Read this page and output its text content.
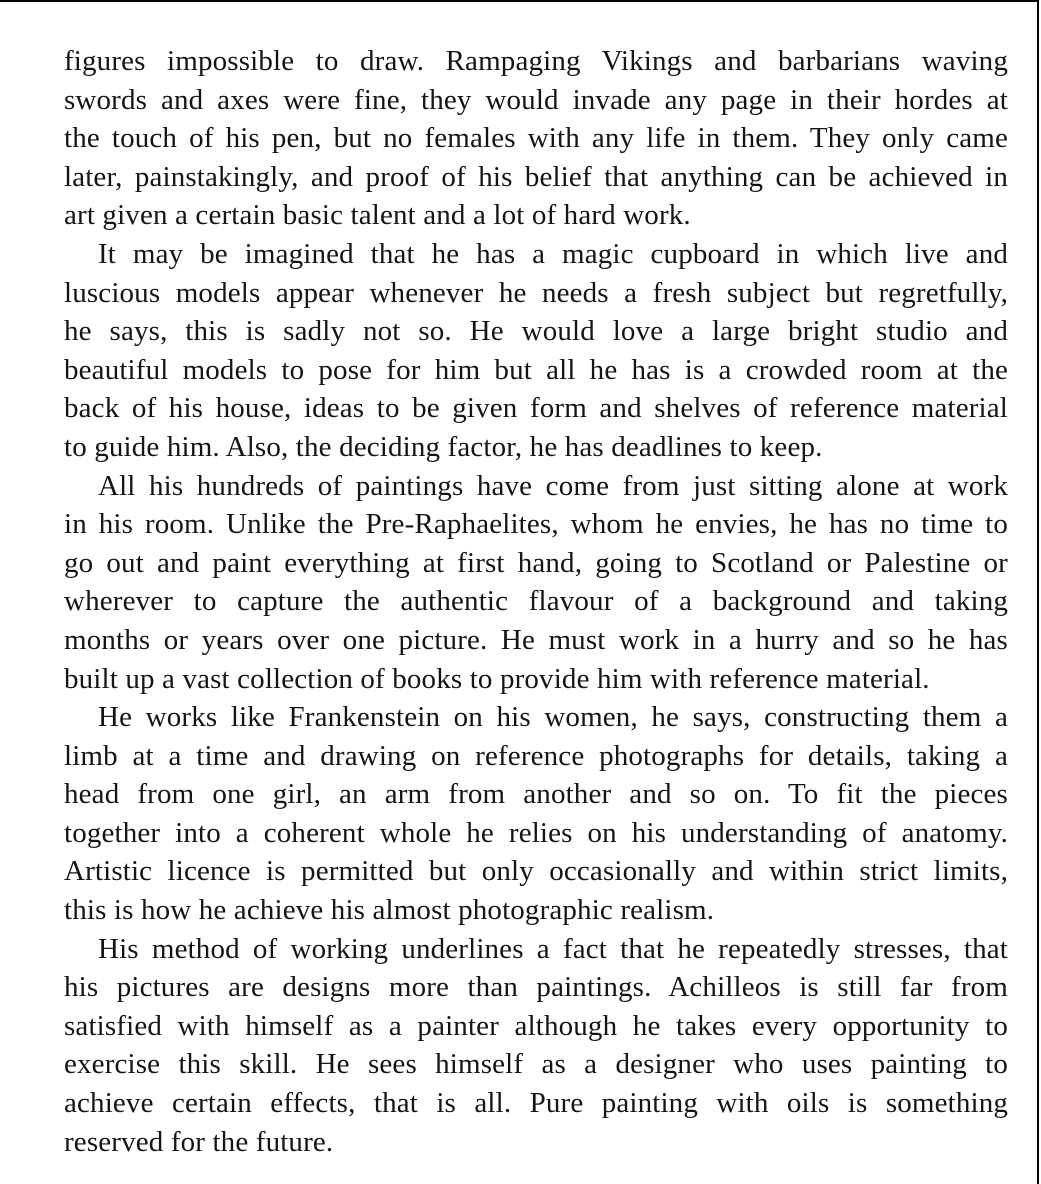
figures impossible to draw. Rampaging Vikings and barbarians waving
swords and axes were fine, they would invade any page in their hordes at
the touch of his pen, but no females with any life in them. They only came
later, painstakingly, and proof of his belief that anything can be achieved in
art given a certain basic talent and a lot of hard work.
It may be imagined that he has a magic cupboard in which live and
luscious models appear whenever he needs a fresh subject but regretfully,
he says, this is sadly not so. He would love a large bright studio and
beautiful models to pose for him but all he has is a crowded room at the
back of his house, ideas to be given form and shelves of reference material
to guide him. Also, the deciding factor, he has deadlines to keep.
All his hundreds of paintings have come from just sitting alone at work
in his room. Unlike the Pre-Raphaelites, whom he envies, he has no time to
go out and paint everything at first hand, going to Scotland or Palestine or
wherever to capture the authentic flavour of a background and taking
months or years over one picture. He must work in a hurry and so he has
built up a vast collection of books to provide him with reference material.
He works like Frankenstein on his women, he says, constructing them a
limb at a time and drawing on reference photographs for details, taking a
head from one girl, an arm from another and so on. To fit the pieces
together into a coherent whole he relies on his understanding of anatomy.
Artistic licence is permitted but only occasionally and within strict limits,
this is how he achieve his almost photographic realism.
His method of working underlines a fact that he repeatedly stresses, that
his pictures are designs more than paintings. Achilleos is still far from
satisfied with himself as a painter although he takes every opportunity to
exercise this skill. He sees himself as a designer who uses painting to
achieve certain effects, that is all. Pure painting with oils is something
reserved for the future.
